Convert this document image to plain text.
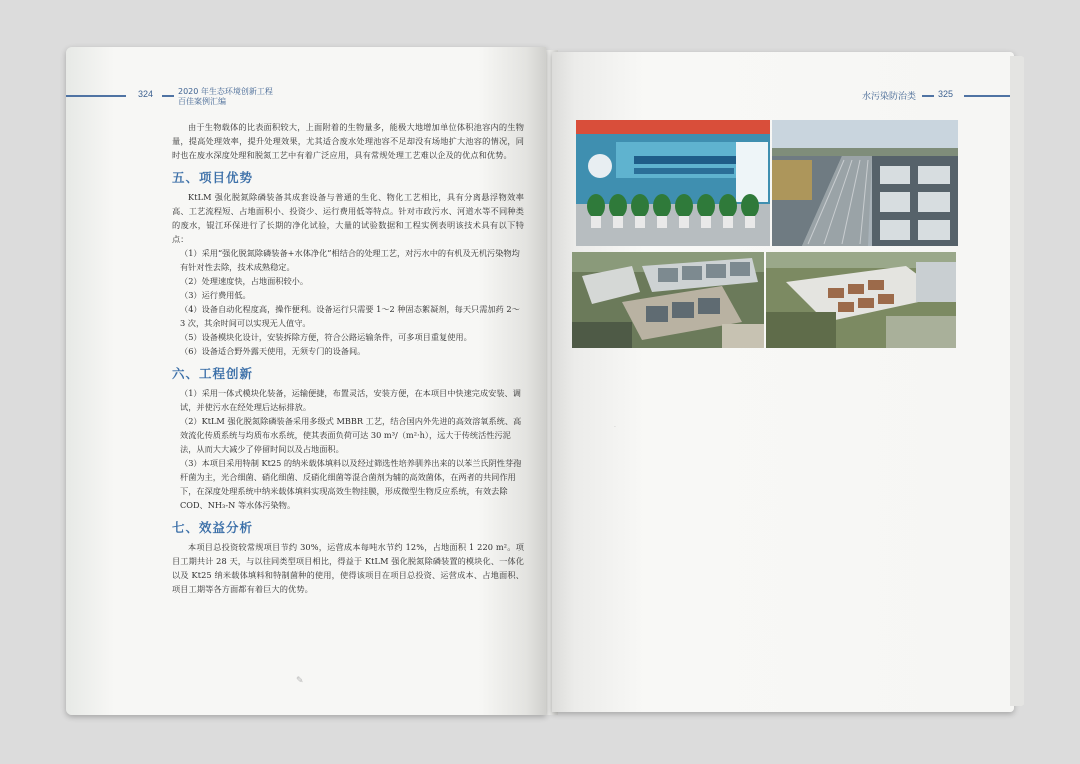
324	2020 年生态环境创新工程
百佳案例汇编

由于生物载体的比表面积较大，上面附着的生物量多，能极大地增加单位体积池容内的生物量，提高处理效率，提升处理效果，尤其适合废水处理池容不足却没有场地扩大池容的情况，同时也在废水深度处理和脱氮工艺中有着广泛应用，具有常规处理工艺难以企及的优点和优势。

五、项目优势

KtLM 强化脱氮除磷装备其成套设备与普通的生化、物化工艺相比，具有分离悬浮物效率高、工艺流程短、占地面积小、投资少、运行费用低等特点。针对市政污水、河道水等不同种类的废水，锟江环保进行了长期的净化试验，大量的试验数据和工程实例表明该技术具有以下特点：

（1）采用“强化脱氮除磷装备+水体净化”相结合的处理工艺，对污水中的有机及无机污染物均有针对性去除，技术成熟稳定。

（2）处理速度快，占地面积较小。

（3）运行费用低。

（4）设备自动化程度高，操作便利。设备运行只需要 1～2 种固态絮凝剂，每天只需加药 2～3 次，其余时间可以实现无人值守。

（5）设备模块化设计，安装拆除方便，符合公路运输条件，可多项目重复使用。

（6）设备适合野外露天使用，无须专门的设备间。

六、工程创新

（1）采用一体式模块化装备，运输便捷，布置灵活，安装方便，在本项目中快速完成安装、调试，并使污水在经处理后达标排放。

（2）KtLM 强化脱氮除磷装备采用多级式 MBBR 工艺，结合国内外先进的高效溶氧系统、高效流化传质系统与均质布水系统，使其表面负荷可达 30 m³/（m²·h），远大于传统活性污泥法，从而大大减少了停留时间以及占地面积。

（3）本项目采用特制 Kt25 的纳米载体填料以及经过筛选性培养驯养出来的以苯兰氏阴性芽孢杆菌为主，光合细菌、硝化细菌、反硝化细菌等混合菌剂为辅的高效菌体，在两者的共同作用下，在深度处理系统中纳米载体填料实现高效生物挂膜，形成微型生物反应系统，有效去除 COD、NH₃-N 等水体污染物。

七、效益分析

本项目总投资较常规项目节约 30%，运营成本每吨水节约 12%，占地面积 1 220 m²。项目工期共计 28 天，与以往同类型项目相比，得益于 KtLM 强化脱氮除磷装置的模块化、一体化以及 Kt25 纳米载体填料和特制菌种的使用，使得该项目在项目总投资、运营成本、占地面积、项目工期等各方面都有着巨大的优势。

✎
水污染防治类 325
·
